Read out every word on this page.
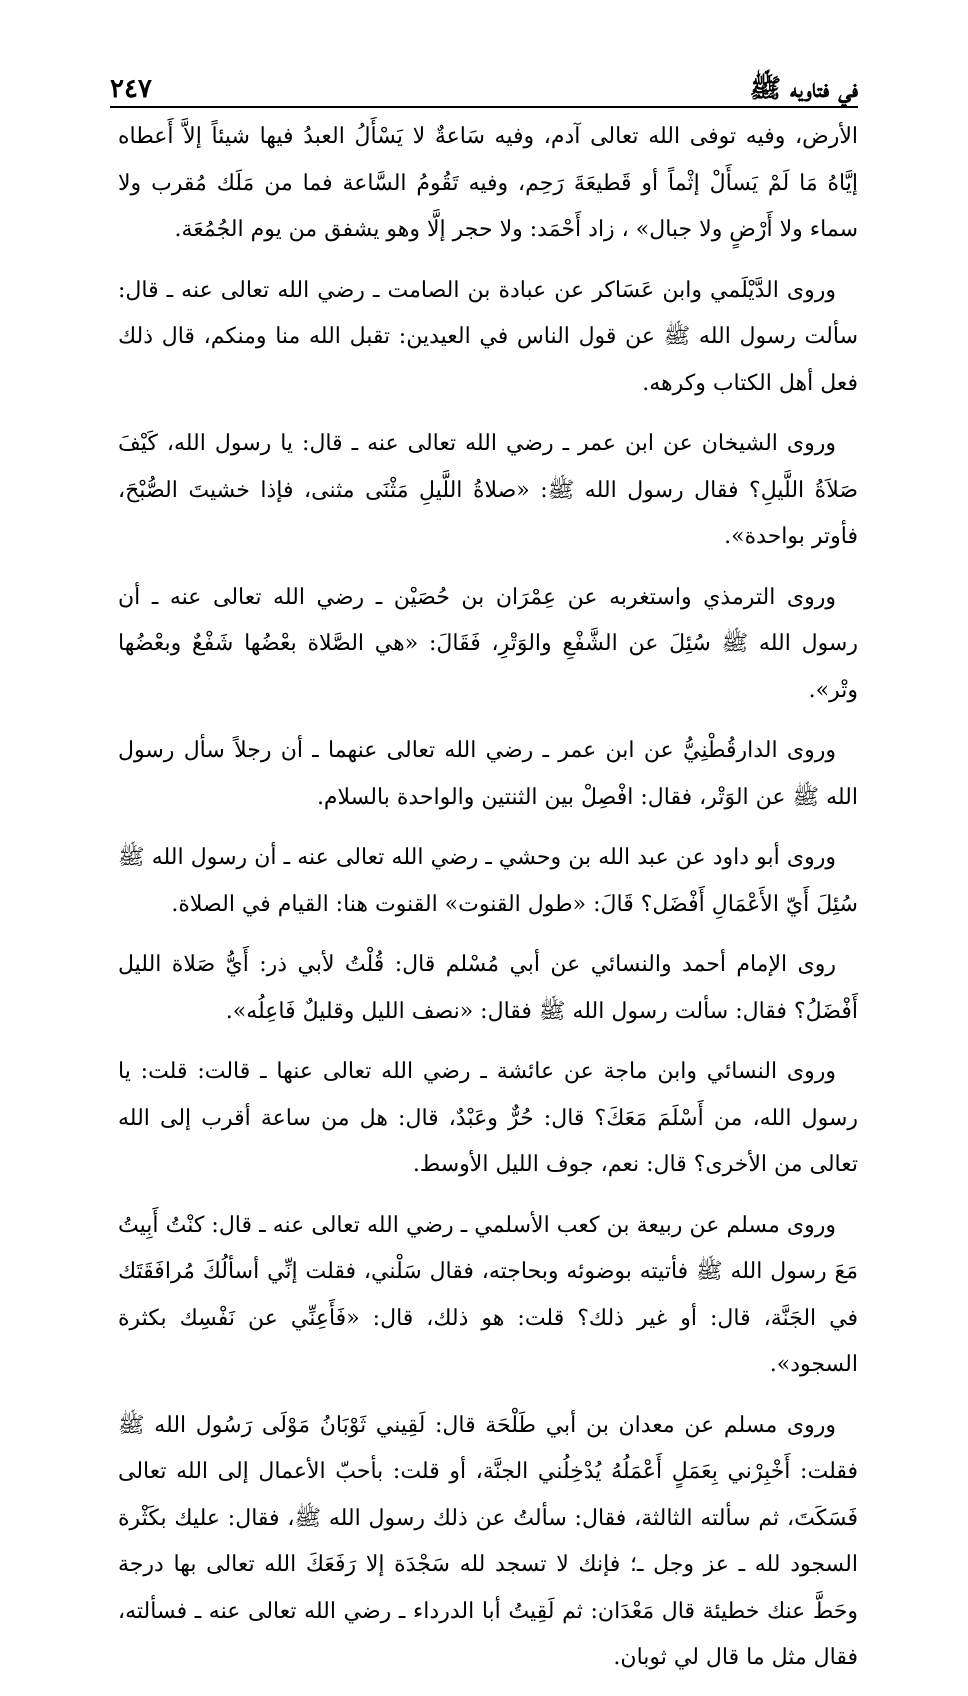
٢٤٧	في فتاويه ﷺ

الأرض، وفيه توفى الله تعالى آدم، وفيه سَاعةٌ لا يَسْأَلُ العبدُ فيها شيئاً إلاَّ أَعطاه إيَّاهُ مَا لَمْ يَسأَلْ إثْماً أو قَطيعَةَ رَحِم، وفيه تَقُومُ السَّاعة فما من مَلَك مُقرب ولا سماء ولا أَرْضٍ ولا جبال» ، زاد أَحْمَد: ولا حجر إلَّا وهو يشفق من يوم الجُمُعَة.

وروى الدَّيْلَمي وابن عَسَاكر عن عبادة بن الصامت ـ رضي الله تعالى عنه ـ قال: سألت رسول الله ﷺ عن قول الناس في العيدين: تقبل الله منا ومنكم، قال ذلك فعل أهل الكتاب وكرهه.

وروى الشيخان عن ابن عمر ـ رضي الله تعالى عنه ـ قال: يا رسول الله، كَيْفَ صَلاَةُ اللَّيلِ؟ فقال رسول الله ﷺ: «صلاةُ اللَّيلِ مَثْنَى مثنى، فإذا خشيتَ الصُّبْحَ، فأوتر بواحدة».

وروى الترمذي واستغربه عن عِمْرَان بن حُصَيْن ـ رضي الله تعالى عنه ـ أن رسول الله ﷺ سُئِلَ عن الشَّفْعِ والوَتْرِ، فَقَالَ: «هي الصَّلاة بعْضُها شَفْعٌ وبعْضُها وتْر».

وروى الدارقُطْنِيُّ عن ابن عمر ـ رضي الله تعالى عنهما ـ أن رجلاً سأل رسول الله ﷺ عن الوَتْر، فقال: افْصِلْ بين الثنتين والواحدة بالسلام.

وروى أبو داود عن عبد الله بن وحشي ـ رضي الله تعالى عنه ـ أن رسول الله ﷺ سُئِلَ أَيّ الأَعْمَالِ أَفْضَل؟ قَالَ: «طول القنوت» القنوت هنا: القيام في الصلاة.

روى الإمام أحمد والنسائي عن أبي مُسْلم قال: قُلْتُ لأبي ذر: أَيُّ صَلاة الليل أَفْضَلُ؟ فقال: سألت رسول الله ﷺ فقال: «نصف الليل وقليلٌ فَاعِلُه».

وروى النسائي وابن ماجة عن عائشة ـ رضي الله تعالى عنها ـ قالت: قلت: يا رسول الله، من أَسْلَمَ مَعَكَ؟ قال: حُرٌّ وعَبْدٌ، قال: هل من ساعة أقرب إلى الله تعالى من الأخرى؟ قال: نعم، جوف الليل الأوسط.

وروى مسلم عن ربيعة بن كعب الأسلمي ـ رضي الله تعالى عنه ـ قال: كنْتُ أَبِيتُ مَعَ رسول الله ﷺ فأتيته بوضوئه وبحاجته، فقال سَلْني، فقلت إنِّي أسألُكَ مُرافَقَتَك في الجَنَّة، قال: أو غير ذلك؟ قلت: هو ذلك، قال: «فَأَعِنِّي عن نَفْسِك بكثرة السجود».

وروى مسلم عن معدان بن أبي طَلْحَة قال: لَقِيني ثَوْبَانُ مَوْلَى رَسُول الله ﷺ فقلت: أَخْبِرْني بِعَمَلٍ أَعْمَلُهُ يُدْخِلُني الجنَّة، أو قلت: بأحبّ الأعمال إلى الله تعالى فَسَكَتَ، ثم سألته الثالثة، فقال: سألتُ عن ذلك رسول الله ﷺ، فقال: عليك بكَثْرة السجود لله ـ عز وجل ـ؛ فإنك لا تسجد لله سَجْدَة إلا رَفَعَكَ الله تعالى بها درجة وحَطَّ عنك خطيئة قال مَعْدَان: ثم لَقِيتُ أبا الدرداء ـ رضي الله تعالى عنه ـ فسألته، فقال مثل ما قال لي ثوبان.
